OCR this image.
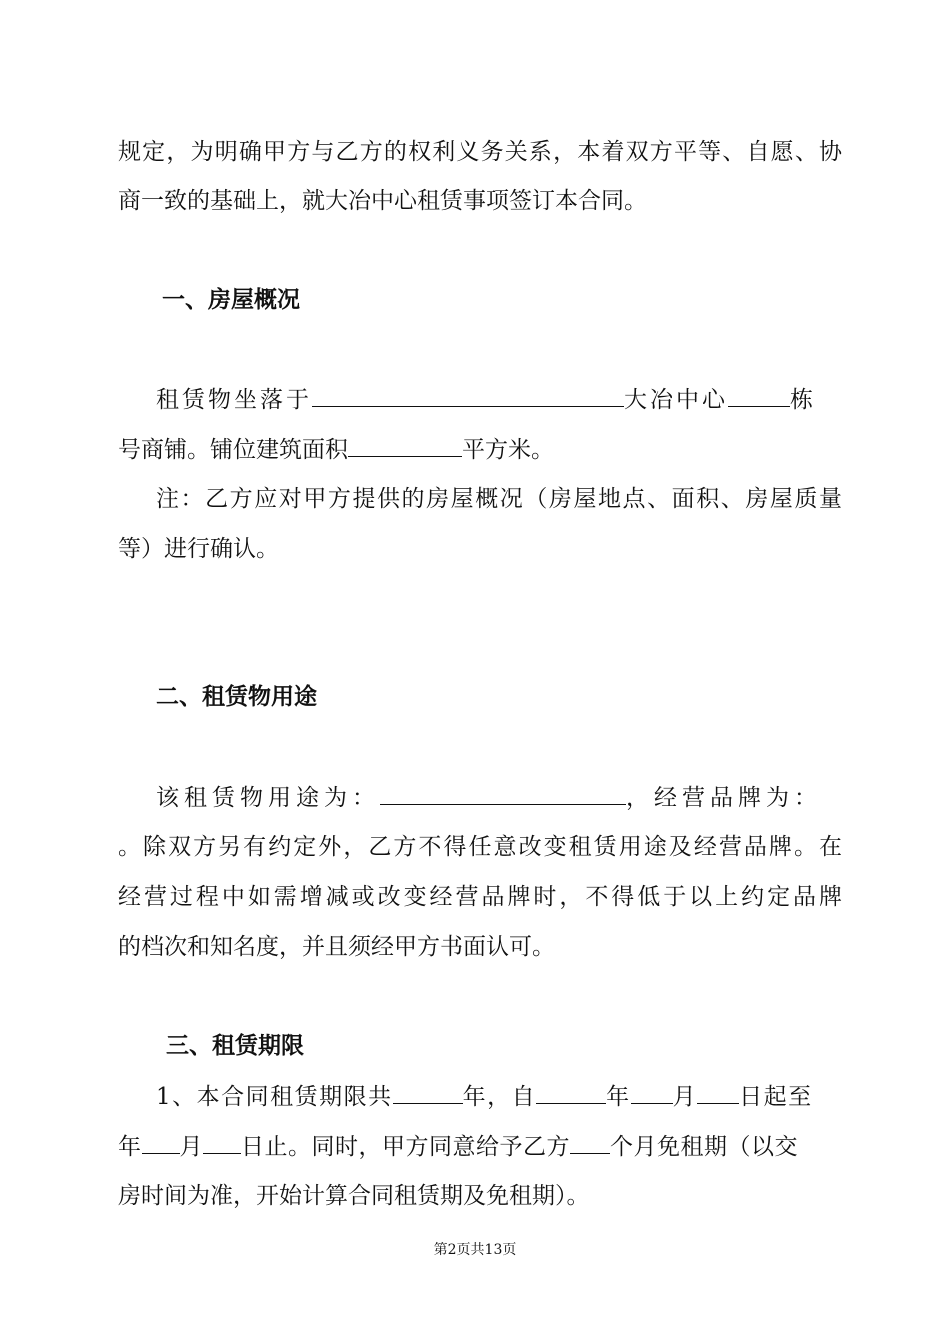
规定，为明确甲方与乙方的权利义务关系，本着双方平等、自愿、协
商一致的基础上，就大冶中心租赁事项签订本合同。
一、房屋概况
租赁物坐落于	大冶中心	栋
号商铺。铺位建筑面积	平方米。
注：乙方应对甲方提供的房屋概况（房屋地点、面积、房屋质量
等）进行确认。
二、租赁物用途
该租赁物用途为：	，经营品牌为：
。除双方另有约定外，乙方不得任意改变租赁用途及经营品牌。在
经营过程中如需增减或改变经营品牌时，不得低于以上约定品牌
的档次和知名度，并且须经甲方书面认可。
三、租赁期限
1、本合同租赁期限共	年，自	年 月 日起至
年 月 日止。同时，甲方同意给予乙方 个月免租期（以交
房时间为准，开始计算合同租赁期及免租期）。
第2页共13页
